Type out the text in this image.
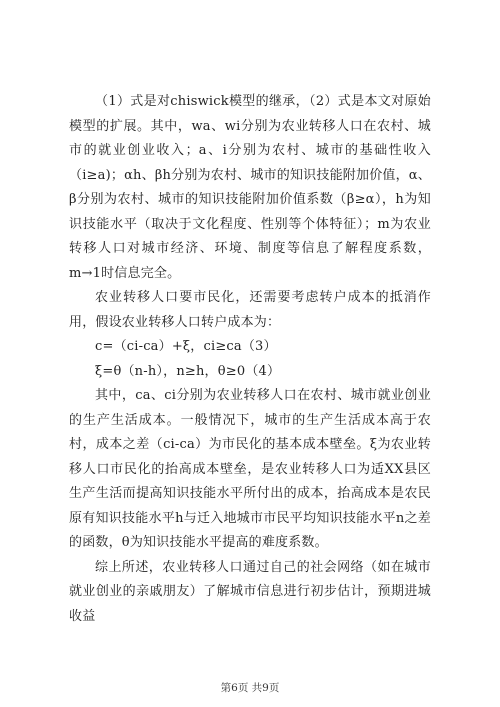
（1）式是对chiswick模型的继承，（2）式是本文对原始模型的扩展。其中，wa、wi分别为农业转移人口在农村、城市的就业创业收入；a、i分别为农村、城市的基础性收入（i≥a)；αh、βh分别为农村、城市的知识技能附加价值，α、β分别为农村、城市的知识技能附加价值系数（β≥α），h为知识技能水平（取决于文化程度、性别等个体特征）；m为农业转移人口对城市经济、环境、制度等信息了解程度系数，m→1时信息完全。

农业转移人口要市民化，还需要考虑转户成本的抵消作用，假设农业转移人口转户成本为：

c=（ci-ca）+ξ，ci≥ca（3）

ξ=θ（n-h），n≥h，θ≥0（4）

其中，ca、ci分别为农业转移人口在农村、城市就业创业的生产生活成本。一般情况下，城市的生产生活成本高于农村，成本之差（ci-ca）为市民化的基本成本壁垒。ξ为农业转移人口市民化的抬高成本壁垒，是农业转移人口为适XX县区生产生活而提高知识技能水平所付出的成本，抬高成本是农民原有知识技能水平h与迁入地城市市民平均知识技能水平n之差的函数，θ为知识技能水平提高的难度系数。

综上所述，农业转移人口通过自己的社会网络（如在城市就业创业的亲戚朋友）了解城市信息进行初步估计，预期进城收益

第6页 共9页
